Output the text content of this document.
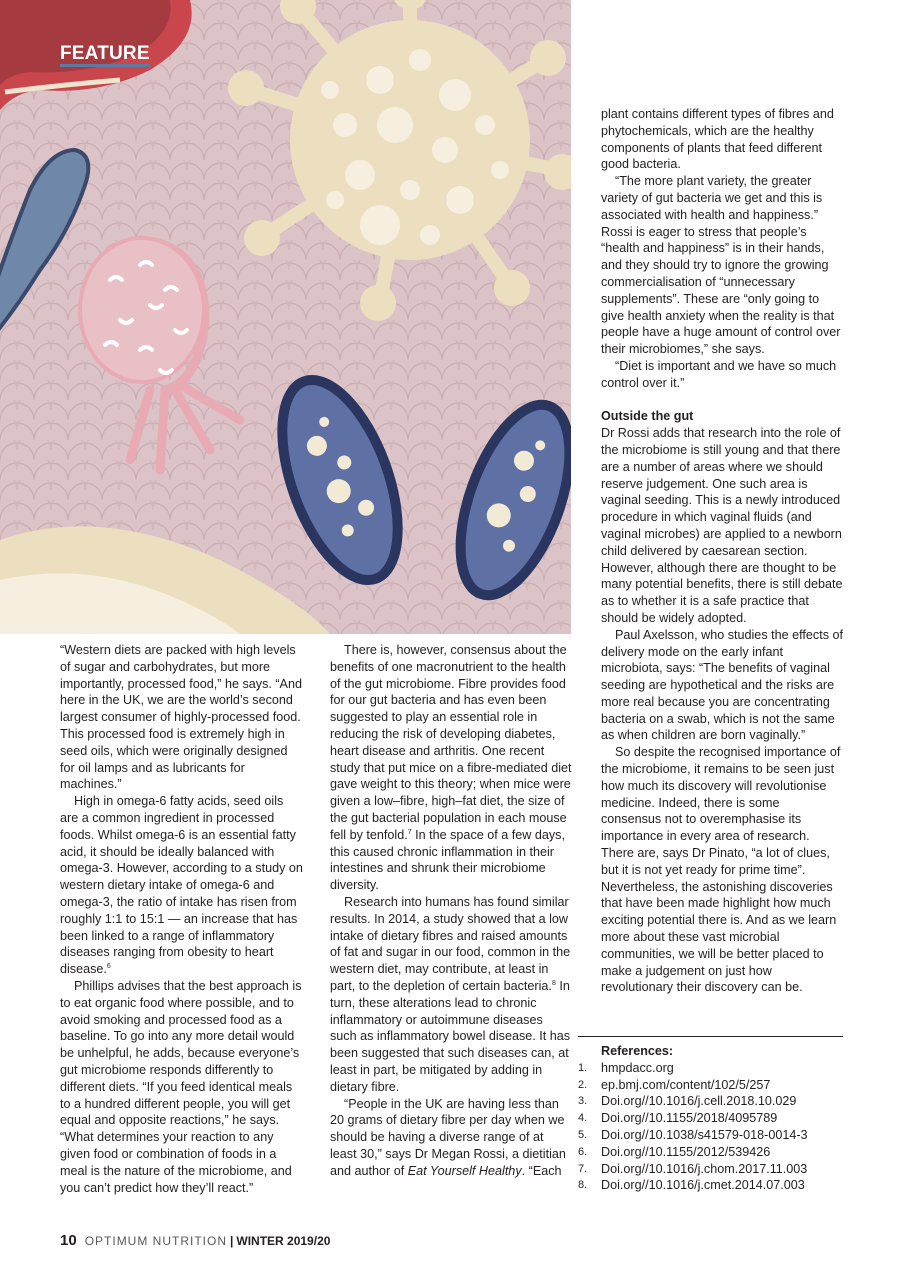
FEATURE

“Western diets are packed with high levels of sugar and carbohydrates, but more importantly, processed food,” he says. “And here in the UK, we are the world’s second largest consumer of highly-processed food. This processed food is extremely high in seed oils, which were originally designed for oil lamps and as lubricants for machines.”

High in omega-6 fatty acids, seed oils are a common ingredient in processed foods. Whilst omega-6 is an essential fatty acid, it should be ideally balanced with omega-3. However, according to a study on western dietary intake of omega-6 and omega-3, the ratio of intake has risen from roughly 1:1 to 15:1 — an increase that has been linked to a range of inflammatory diseases ranging from obesity to heart disease.$^6$

Phillips advises that the best approach is to eat organic food where possible, and to avoid smoking and processed food as a baseline. To go into any more detail would be unhelpful, he adds, because everyone’s gut microbiome responds differently to different diets. “If you feed identical meals to a hundred different people, you will get equal and opposite reactions,” he says. “What determines your reaction to any given food or combination of foods in a meal is the nature of the microbiome, and you can’t predict how they’ll react.”

There is, however, consensus about the benefits of one macronutrient to the health of the gut microbiome. Fibre provides food for our gut bacteria and has even been suggested to play an essential role in reducing the risk of developing diabetes, heart disease and arthritis. One recent study that put mice on a fibre-mediated diet gave weight to this theory; when mice were given a low–fibre, high–fat diet, the size of the gut bacterial population in each mouse fell by tenfold.$^7$ In the space of a few days, this caused chronic inflammation in their intestines and shrunk their microbiome diversity.

Research into humans has found similar results. In 2014, a study showed that a low intake of dietary fibres and raised amounts of fat and sugar in our food, common in the western diet, may contribute, at least in part, to the depletion of certain bacteria.$^8$ In turn, these alterations lead to chronic inflammatory or autoimmune diseases such as inflammatory bowel disease. It has been suggested that such diseases can, at least in part, be mitigated by adding in dietary fibre.

“People in the UK are having less than 20 grams of dietary fibre per day when we should be having a diverse range of at least 30,” says Dr Megan Rossi, a dietitian and author of Eat Yourself Healthy. “Each

plant contains different types of fibres and phytochemicals, which are the healthy components of plants that feed different good bacteria.

“The more plant variety, the greater variety of gut bacteria we get and this is associated with health and happiness.” Rossi is eager to stress that people’s “health and happiness” is in their hands, and they should try to ignore the growing commercialisation of “unnecessary supplements”. These are “only going to give health anxiety when the reality is that people have a huge amount of control over their microbiomes,” she says.

“Diet is important and we have so much control over it.”

Outside the gut

Dr Rossi adds that research into the role of the microbiome is still young and that there are a number of areas where we should reserve judgement. One such area is vaginal seeding. This is a newly introduced procedure in which vaginal fluids (and vaginal microbes) are applied to a newborn child delivered by caesarean section. However, although there are thought to be many potential benefits, there is still debate as to whether it is a safe practice that should be widely adopted.

Paul Axelsson, who studies the effects of delivery mode on the early infant microbiota, says: “The benefits of vaginal seeding are hypothetical and the risks are more real because you are concentrating bacteria on a swab, which is not the same as when children are born vaginally.”

So despite the recognised importance of the microbiome, it remains to be seen just how much its discovery will revolutionise medicine. Indeed, there is some consensus not to overemphasise its importance in every area of research. There are, says Dr Pinato, “a lot of clues, but it is not yet ready for prime time”. Nevertheless, the astonishing discoveries that have been made highlight how much exciting potential there is. And as we learn more about these vast microbial communities, we will be better placed to make a judgement on just how revolutionary their discovery can be.

References:
1.	hmpdacc.org
2.	ep.bmj.com/content/102/5/257
3.	Doi.org//10.1016/j.cell.2018.10.029
4.	Doi.org//10.1155/2018/4095789
5.	Doi.org//10.1038/s41579-018-0014-3
6.	Doi.org//10.1155/2012/539426
7.	Doi.org//10.1016/j.chom.2017.11.003
8.	Doi.org//10.1016/j.cmet.2014.07.003
10 OPTIMUM NUTRITION | WINTER 2019/20
